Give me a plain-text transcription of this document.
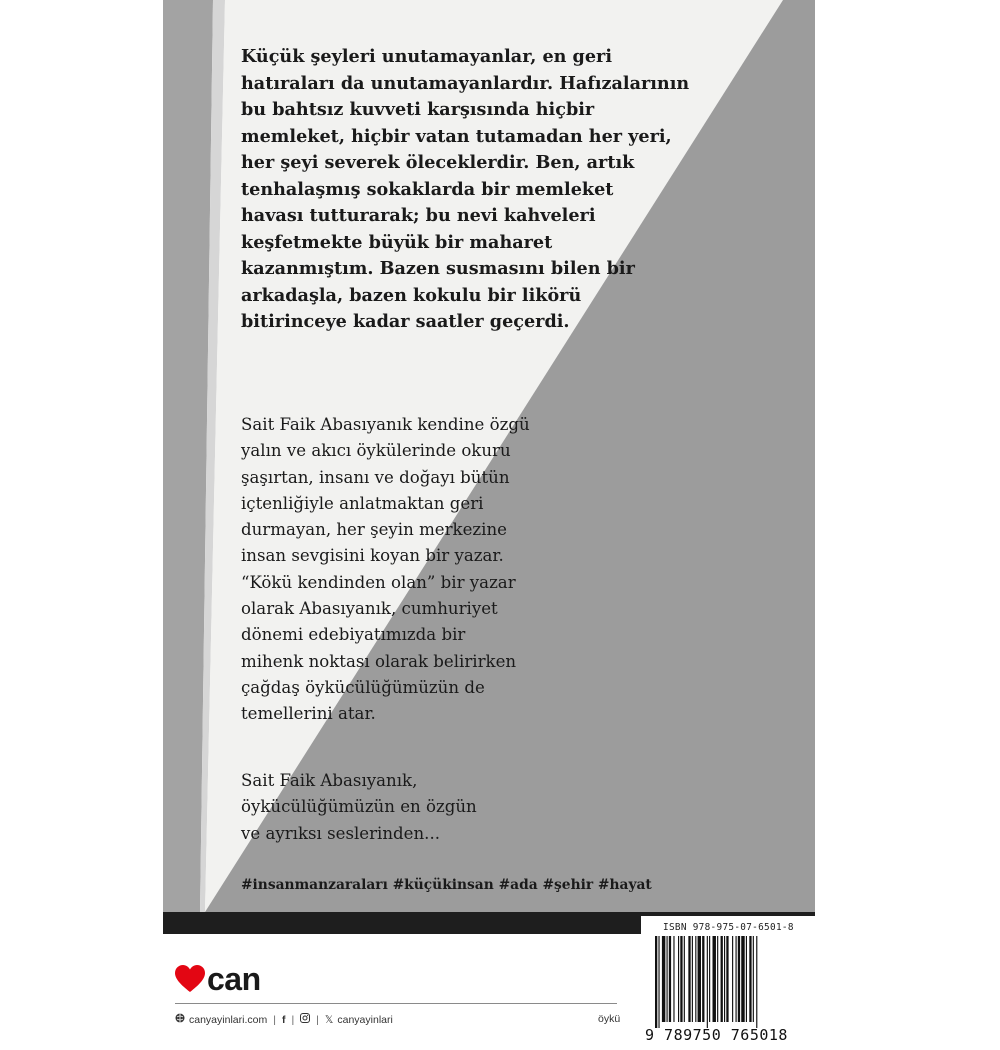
Küçük şeyleri unutamayanlar, en geri
hatıraları da unutamayanlardır. Hafızalarının
bu bahtsız kuvveti karşısında hiçbir
memleket, hiçbir vatan tutamadan her yeri,
her şeyi severek öleceklerdir. Ben, artık
tenhalaşmış sokaklarda bir memleket
havası tutturarak; bu nevi kahveleri
keşfetmekte büyük bir maharet
kazanmıştım. Bazen susmasını bilen bir
arkadaşla, bazen kokulu bir likörü
bitirinceye kadar saatler geçerdi.

Sait Faik Abasıyanık kendine özgü
yalın ve akıcı öykülerinde okuru
şaşırtan, insanı ve doğayı bütün
içtenliğiyle anlatmaktan geri
durmayan, her şeyin merkezine
insan sevgisini koyan bir yazar.
“Kökü kendinden olan” bir yazar
olarak Abasıyanık, cumhuriyet
dönemi edebiyatımızda bir
mihenk noktası olarak belirirken
çağdaş öykücülüğümüzün de
temellerini atar.

Sait Faik Abasıyanık,
öykücülüğümüzün en özgün
ve ayrıksı seslerinden...

#insanmanzaraları #küçükinsan #ada #şehir #hayat
can
canyayinlari.com | f | | 𝕏 canyayinlari	öykü
ISBN 978-975-07-6501-8
9 789750 765018
